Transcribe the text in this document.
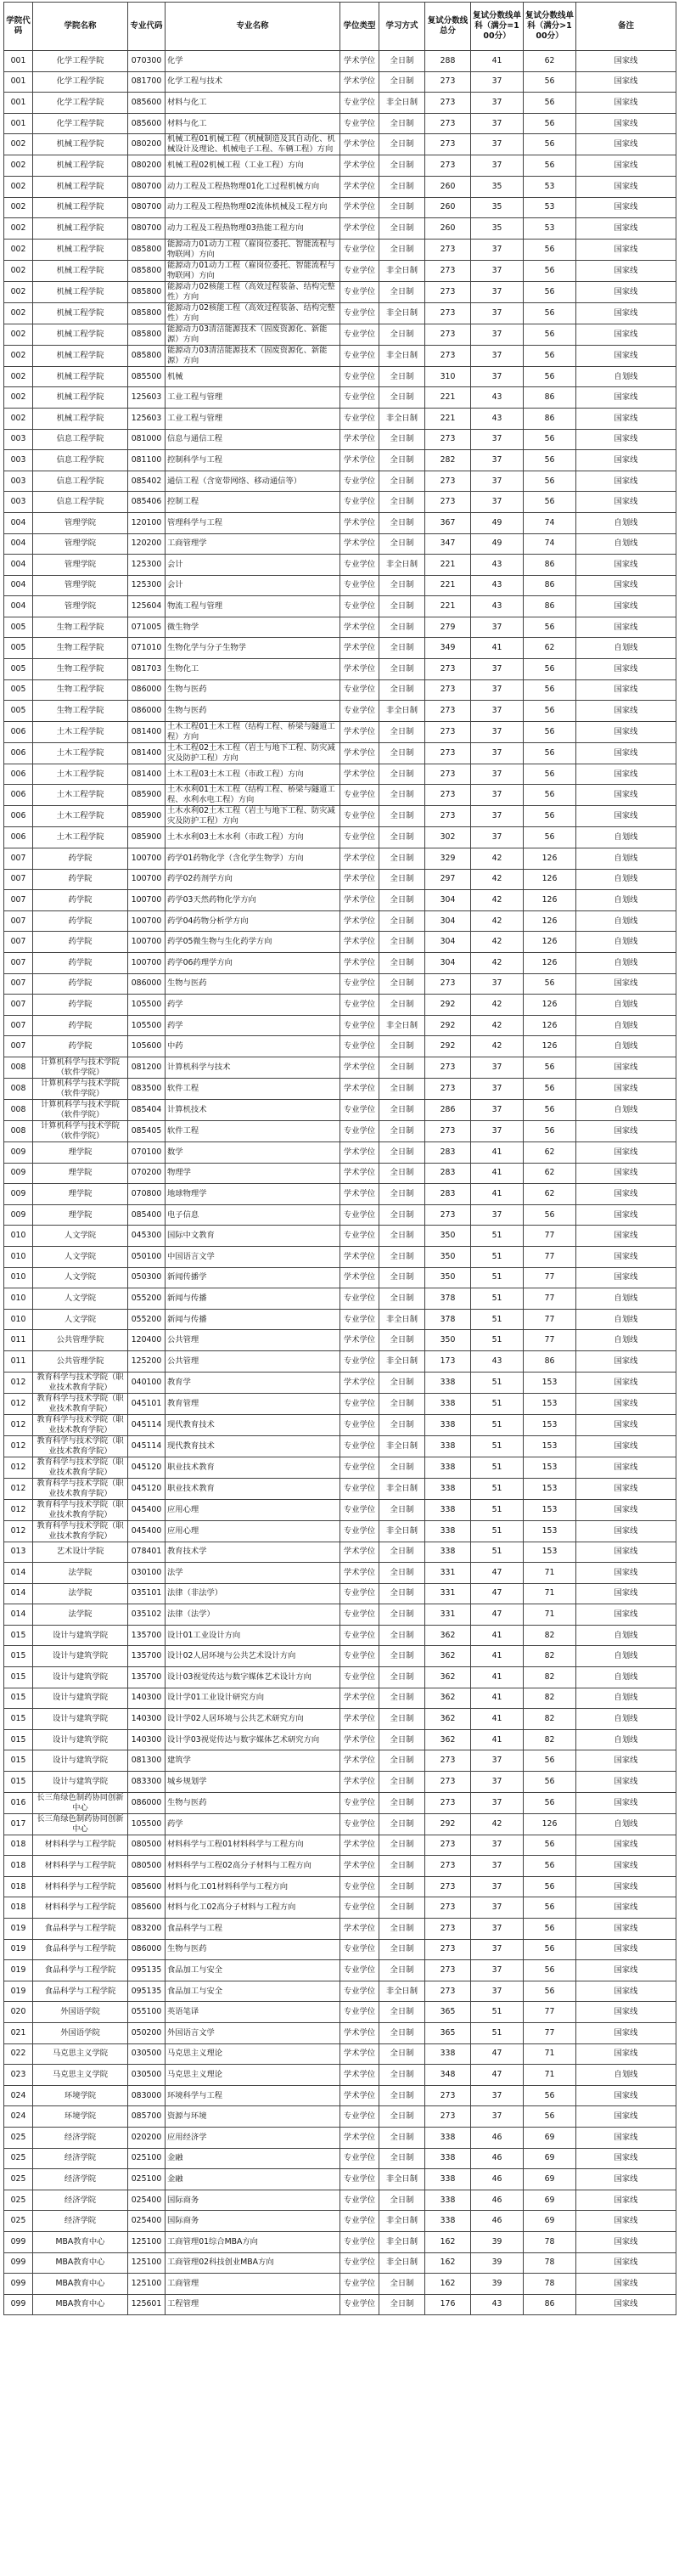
学院代码	学院名称	专业代码	专业名称	学位类型	学习方式	复试分数线总分	复试分数线单科（满分=100分）	复试分数线单科（满分>100分）	备注
001	化学工程学院	070300	化学	学术学位	全日制	288	41	62	国家线
001	化学工程学院	081700	化学工程与技术	学术学位	全日制	273	37	56	国家线
001	化学工程学院	085600	材料与化工	专业学位	非全日制	273	37	56	国家线
001	化学工程学院	085600	材料与化工	专业学位	全日制	273	37	56	国家线
002	机械工程学院	080200	机械工程01机械工程（机械制造及其自动化、机械设计及理论、机械电子工程、车辆工程）方向	学术学位	全日制	273	37	56	国家线
002	机械工程学院	080200	机械工程02机械工程（工业工程）方向	学术学位	全日制	273	37	56	国家线
002	机械工程学院	080700	动力工程及工程热物理01化工过程机械方向	学术学位	全日制	260	35	53	国家线
002	机械工程学院	080700	动力工程及工程热物理02流体机械及工程方向	学术学位	全日制	260	35	53	国家线
002	机械工程学院	080700	动力工程及工程热物理03热能工程方向	学术学位	全日制	260	35	53	国家线
002	机械工程学院	085800	能源动力01动力工程（雇岗位委托、智能流程与物联网）方向	专业学位	全日制	273	37	56	国家线
002	机械工程学院	085800	能源动力01动力工程（雇岗位委托、智能流程与物联网）方向	专业学位	非全日制	273	37	56	国家线
002	机械工程学院	085800	能源动力02核能工程（高效过程装备、结构完整性）方向	专业学位	全日制	273	37	56	国家线
002	机械工程学院	085800	能源动力02核能工程（高效过程装备、结构完整性）方向	专业学位	非全日制	273	37	56	国家线
002	机械工程学院	085800	能源动力03清洁能源技术（固废资源化、新能源）方向	专业学位	全日制	273	37	56	国家线
002	机械工程学院	085800	能源动力03清洁能源技术（固废资源化、新能源）方向	专业学位	非全日制	273	37	56	国家线
002	机械工程学院	085500	机械	专业学位	全日制	310	37	56	自划线
002	机械工程学院	125603	工业工程与管理	专业学位	全日制	221	43	86	国家线
002	机械工程学院	125603	工业工程与管理	专业学位	非全日制	221	43	86	国家线
003	信息工程学院	081000	信息与通信工程	学术学位	全日制	273	37	56	国家线
003	信息工程学院	081100	控制科学与工程	学术学位	全日制	282	37	56	国家线
003	信息工程学院	085402	通信工程（含宽带网络、移动通信等）	专业学位	全日制	273	37	56	国家线
003	信息工程学院	085406	控制工程	专业学位	全日制	273	37	56	国家线
004	管理学院	120100	管理科学与工程	学术学位	全日制	367	49	74	自划线
004	管理学院	120200	工商管理学	学术学位	全日制	347	49	74	自划线
004	管理学院	125300	会计	专业学位	非全日制	221	43	86	国家线
004	管理学院	125300	会计	专业学位	全日制	221	43	86	国家线
004	管理学院	125604	物流工程与管理	专业学位	全日制	221	43	86	国家线
005	生物工程学院	071005	微生物学	学术学位	全日制	279	37	56	国家线
005	生物工程学院	071010	生物化学与分子生物学	学术学位	全日制	349	41	62	自划线
005	生物工程学院	081703	生物化工	学术学位	全日制	273	37	56	国家线
005	生物工程学院	086000	生物与医药	专业学位	全日制	273	37	56	国家线
005	生物工程学院	086000	生物与医药	专业学位	非全日制	273	37	56	国家线
006	土木工程学院	081400	土木工程01土木工程（结构工程、桥梁与隧道工程）方向	学术学位	全日制	273	37	56	国家线
006	土木工程学院	081400	土木工程02土木工程（岩土与地下工程、防灾减灾及防护工程）方向	学术学位	全日制	273	37	56	国家线
006	土木工程学院	081400	土木工程03土木工程（市政工程）方向	学术学位	全日制	273	37	56	国家线
006	土木工程学院	085900	土木水利01土木工程（结构工程、桥梁与隧道工程、水利水电工程）方向	专业学位	全日制	273	37	56	国家线
006	土木工程学院	085900	土木水利02土木工程（岩土与地下工程、防灾减灾及防护工程）方向	专业学位	全日制	273	37	56	国家线
006	土木工程学院	085900	土木水利03土木水利（市政工程）方向	专业学位	全日制	302	37	56	自划线
007	药学院	100700	药学01药物化学（含化学生物学）方向	学术学位	全日制	329	42	126	自划线
007	药学院	100700	药学02药剂学方向	学术学位	全日制	297	42	126	自划线
007	药学院	100700	药学03天然药物化学方向	学术学位	全日制	304	42	126	自划线
007	药学院	100700	药学04药物分析学方向	学术学位	全日制	304	42	126	自划线
007	药学院	100700	药学05微生物与生化药学方向	学术学位	全日制	304	42	126	自划线
007	药学院	100700	药学06药理学方向	学术学位	全日制	304	42	126	自划线
007	药学院	086000	生物与医药	专业学位	全日制	273	37	56	国家线
007	药学院	105500	药学	专业学位	全日制	292	42	126	自划线
007	药学院	105500	药学	专业学位	非全日制	292	42	126	自划线
007	药学院	105600	中药	专业学位	全日制	292	42	126	自划线
008	计算机科学与技术学院（软件学院）	081200	计算机科学与技术	学术学位	全日制	273	37	56	国家线
008	计算机科学与技术学院（软件学院）	083500	软件工程	学术学位	全日制	273	37	56	国家线
008	计算机科学与技术学院（软件学院）	085404	计算机技术	专业学位	全日制	286	37	56	自划线
008	计算机科学与技术学院（软件学院）	085405	软件工程	专业学位	全日制	273	37	56	国家线
009	理学院	070100	数学	学术学位	全日制	283	41	62	国家线
009	理学院	070200	物理学	学术学位	全日制	283	41	62	国家线
009	理学院	070800	地球物理学	学术学位	全日制	283	41	62	国家线
009	理学院	085400	电子信息	专业学位	全日制	273	37	56	国家线
010	人文学院	045300	国际中文教育	专业学位	全日制	350	51	77	国家线
010	人文学院	050100	中国语言文学	学术学位	全日制	350	51	77	国家线
010	人文学院	050300	新闻传播学	学术学位	全日制	350	51	77	国家线
010	人文学院	055200	新闻与传播	专业学位	全日制	378	51	77	自划线
010	人文学院	055200	新闻与传播	专业学位	非全日制	378	51	77	自划线
011	公共管理学院	120400	公共管理	学术学位	全日制	350	51	77	自划线
011	公共管理学院	125200	公共管理	专业学位	非全日制	173	43	86	国家线
012	教育科学与技术学院（职业技术教育学院）	040100	教育学	学术学位	全日制	338	51	153	国家线
012	教育科学与技术学院（职业技术教育学院）	045101	教育管理	专业学位	全日制	338	51	153	国家线
012	教育科学与技术学院（职业技术教育学院）	045114	现代教育技术	专业学位	全日制	338	51	153	国家线
012	教育科学与技术学院（职业技术教育学院）	045114	现代教育技术	专业学位	非全日制	338	51	153	国家线
012	教育科学与技术学院（职业技术教育学院）	045120	职业技术教育	专业学位	全日制	338	51	153	国家线
012	教育科学与技术学院（职业技术教育学院）	045120	职业技术教育	专业学位	非全日制	338	51	153	国家线
012	教育科学与技术学院（职业技术教育学院）	045400	应用心理	专业学位	全日制	338	51	153	国家线
012	教育科学与技术学院（职业技术教育学院）	045400	应用心理	专业学位	非全日制	338	51	153	国家线
013	艺术设计学院	078401	教育技术学	学术学位	全日制	338	51	153	国家线
014	法学院	030100	法学	学术学位	全日制	331	47	71	国家线
014	法学院	035101	法律（非法学）	专业学位	全日制	331	47	71	国家线
014	法学院	035102	法律（法学）	专业学位	全日制	331	47	71	国家线
015	设计与建筑学院	135700	设计01工业设计方向	专业学位	全日制	362	41	82	自划线
015	设计与建筑学院	135700	设计02人居环境与公共艺术设计方向	专业学位	全日制	362	41	82	自划线
015	设计与建筑学院	135700	设计03视觉传达与数字媒体艺术设计方向	专业学位	全日制	362	41	82	自划线
015	设计与建筑学院	140300	设计学01工业设计研究方向	学术学位	全日制	362	41	82	自划线
015	设计与建筑学院	140300	设计学02人居环境与公共艺术研究方向	学术学位	全日制	362	41	82	自划线
015	设计与建筑学院	140300	设计学03视觉传达与数字媒体艺术研究方向	学术学位	全日制	362	41	82	自划线
015	设计与建筑学院	081300	建筑学	学术学位	全日制	273	37	56	国家线
015	设计与建筑学院	083300	城乡规划学	学术学位	全日制	273	37	56	国家线
016	长三角绿色制药协同创新中心	086000	生物与医药	专业学位	全日制	273	37	56	国家线
017	长三角绿色制药协同创新中心	105500	药学	专业学位	全日制	292	42	126	自划线
018	材料科学与工程学院	080500	材料科学与工程01材料科学与工程方向	学术学位	全日制	273	37	56	国家线
018	材料科学与工程学院	080500	材料科学与工程02高分子材料与工程方向	学术学位	全日制	273	37	56	国家线
018	材料科学与工程学院	085600	材料与化工01材料科学与工程方向	专业学位	全日制	273	37	56	国家线
018	材料科学与工程学院	085600	材料与化工02高分子材料与工程方向	专业学位	全日制	273	37	56	国家线
019	食品科学与工程学院	083200	食品科学与工程	学术学位	全日制	273	37	56	国家线
019	食品科学与工程学院	086000	生物与医药	专业学位	全日制	273	37	56	国家线
019	食品科学与工程学院	095135	食品加工与安全	专业学位	全日制	273	37	56	国家线
019	食品科学与工程学院	095135	食品加工与安全	专业学位	非全日制	273	37	56	国家线
020	外国语学院	055100	英语笔译	专业学位	全日制	365	51	77	国家线
021	外国语学院	050200	外国语言文学	学术学位	全日制	365	51	77	国家线
022	马克思主义学院	030500	马克思主义理论	学术学位	全日制	338	47	71	国家线
023	马克思主义学院	030500	马克思主义理论	学术学位	全日制	348	47	71	自划线
024	环境学院	083000	环境科学与工程	学术学位	全日制	273	37	56	国家线
024	环境学院	085700	资源与环境	专业学位	全日制	273	37	56	国家线
025	经济学院	020200	应用经济学	学术学位	全日制	338	46	69	国家线
025	经济学院	025100	金融	专业学位	全日制	338	46	69	国家线
025	经济学院	025100	金融	专业学位	非全日制	338	46	69	国家线
025	经济学院	025400	国际商务	专业学位	全日制	338	46	69	国家线
025	经济学院	025400	国际商务	专业学位	非全日制	338	46	69	国家线
099	MBA教育中心	125100	工商管理01综合MBA方向	专业学位	非全日制	162	39	78	国家线
099	MBA教育中心	125100	工商管理02科技创业MBA方向	专业学位	非全日制	162	39	78	国家线
099	MBA教育中心	125100	工商管理	专业学位	全日制	162	39	78	国家线
099	MBA教育中心	125601	工程管理	专业学位	全日制	176	43	86	国家线
